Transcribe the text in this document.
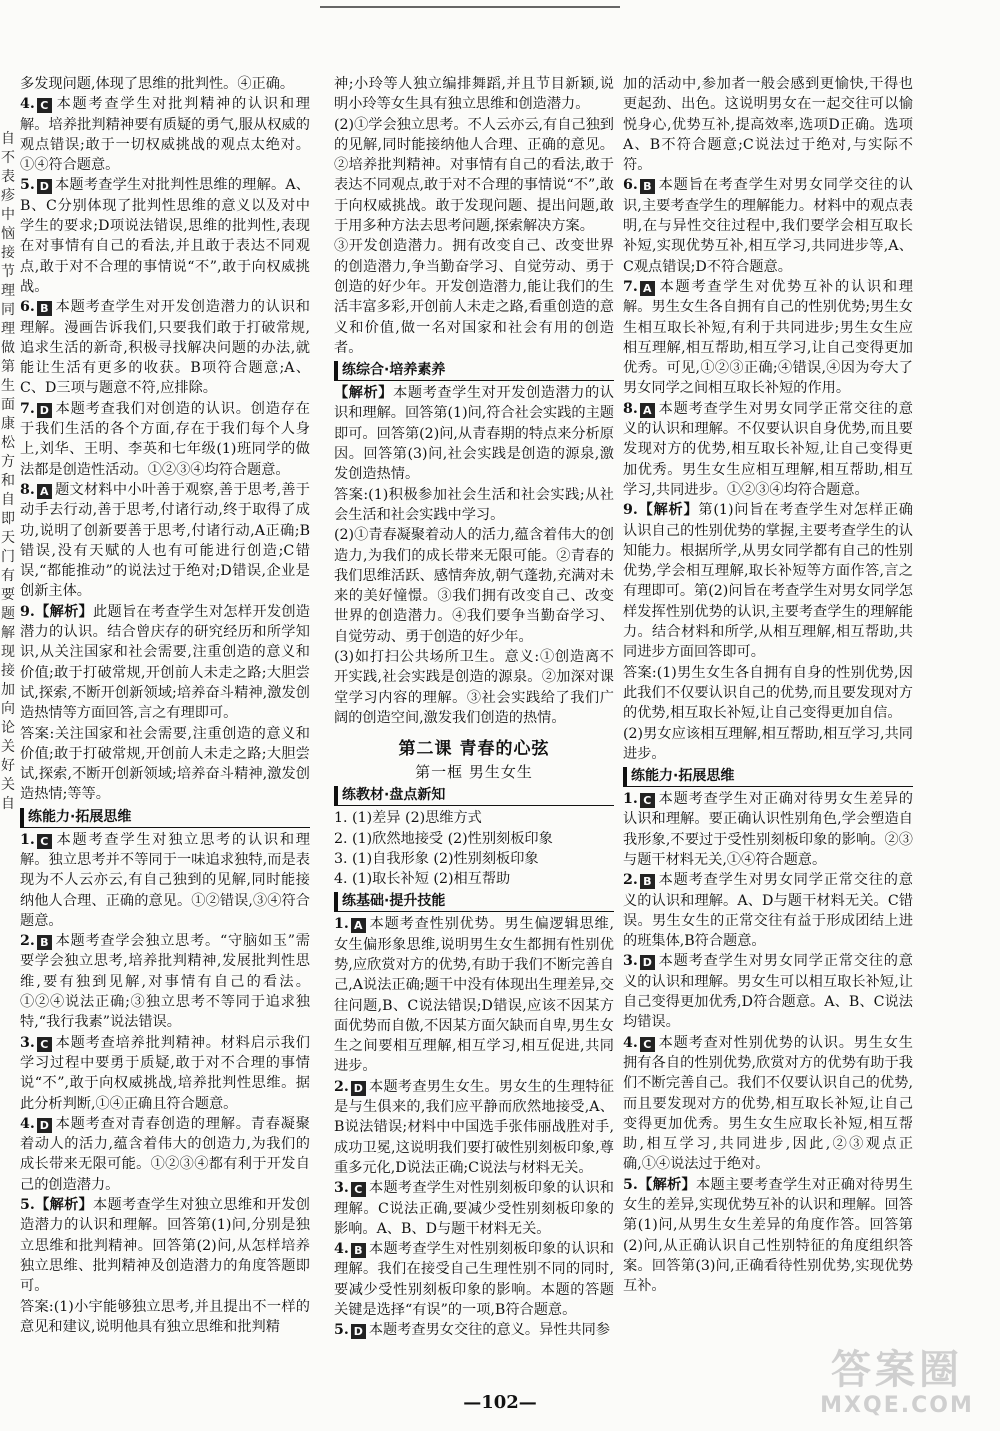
自
不
表
疹
中
恼
接
节
理
同
理
做
第
生
面
康
松
方
和
自
即
天
门
有
要
题
解
现
接
加
向
论
关
好
关
自

多发现问题,体现了思维的批判性。④正确。

4. C 本题考查学生对批判精神的认识和理解。培养批判精神要有质疑的勇气,服从权威的观点错误;敢于一切权威挑战的观点太绝对。①④符合题意。

5. D 本题考查学生对批判性思维的理解。A、B、C分别体现了批判性思维的意义以及对中学生的要求;D项说法错误,思维的批判性,表现在对事情有自己的看法,并且敢于表达不同观点,敢于对不合理的事情说“不”,敢于向权威挑战。

6. B 本题考查学生对开发创造潜力的认识和理解。漫画告诉我们,只要我们敢于打破常规,追求生活的新奇,积极寻找解决问题的办法,就能让生活有更多的收获。B项符合题意;A、C、D三项与题意不符,应排除。

7. D 本题考查我们对创造的认识。创造存在于我们生活的各个方面,存在于我们每个人身上,刘华、王明、李英和七年级(1)班同学的做法都是创造性活动。①②③④均符合题意。

8. A 题文材料中小叶善于观察,善于思考,善于动手去行动,善于思考,付诸行动,终于取得了成功,说明了创新要善于思考,付诸行动,A正确;B错误,没有天赋的人也有可能进行创造;C错误,“都能推动”的说法过于绝对;D错误,企业是创新主体。

9.【解析】此题旨在考查学生对怎样开发创造潜力的认识。结合曾庆存的研究经历和所学知识,从关注国家和社会需要,注重创造的意义和价值;敢于打破常规,开创前人未走之路;大胆尝试,探索,不断开创新领域;培养奋斗精神,激发创造热情等方面回答,言之有理即可。

答案:关注国家和社会需要,注重创造的意义和价值;敢于打破常规,开创前人未走之路;大胆尝试,探索,不断开创新领域;培养奋斗精神,激发创造热情;等等。

练能力·拓展思维

1. C 本题考查学生对独立思考的认识和理解。独立思考并不等同于一味追求独特,而是表现为不人云亦云,有自己独到的见解,同时能接纳他人合理、正确的意见。①②错误,③④符合题意。

2. B 本题考查学会独立思考。“守脑如玉”需要学会独立思考,培养批判精神,发展批判性思维,要有独到见解,对事情有自己的看法。①②④说法正确;③独立思考不等同于追求独特,“我行我素”说法错误。

3. C 本题考查培养批判精神。材料启示我们学习过程中要勇于质疑,敢于对不合理的事情说“不”,敢于向权威挑战,培养批判性思维。据此分析判断,①④正确且符合题意。

4. D 本题考查对青春创造的理解。青春凝聚着动人的活力,蕴含着伟大的创造力,为我们的成长带来无限可能。①②③④都有利于开发自己的创造潜力。

5.【解析】本题考查学生对独立思维和开发创造潜力的认识和理解。回答第(1)问,分别是独立思维和批判精神。回答第(2)问,从怎样培养独立思维、批判精神及创造潜力的角度答题即可。

答案:(1)小宇能够独立思考,并且提出不一样的意见和建议,说明他具有独立思维和批判精

神;小玲等人独立编排舞蹈,并且节目新颖,说明小玲等女生具有独立思维和创造潜力。

(2)①学会独立思考。不人云亦云,有自己独到的见解,同时能接纳他人合理、正确的意见。②培养批判精神。对事情有自己的看法,敢于表达不同观点,敢于对不合理的事情说“不”,敢于向权威挑战。敢于发现问题、提出问题,敢于用多种方法去思考问题,探索解决方案。

③开发创造潜力。拥有改变自己、改变世界的创造潜力,争当勤奋学习、自觉劳动、勇于创造的好少年。开发创造潜力,能让我们的生活丰富多彩,开创前人未走之路,看重创造的意义和价值,做一名对国家和社会有用的创造者。

练综合·培养素养

【解析】本题考查学生对开发创造潜力的认识和理解。回答第(1)问,符合社会实践的主题即可。回答第(2)问,从青春期的特点来分析原因。回答第(3)问,社会实践是创造的源泉,激发创造热情。

答案:(1)积极参加社会生活和社会实践;从社会生活和社会实践中学习。

(2)①青春凝聚着动人的活力,蕴含着伟大的创造力,为我们的成长带来无限可能。②青春的我们思维活跃、感情奔放,朝气蓬勃,充满对未来的美好憧憬。③我们拥有改变自己、改变世界的创造潜力。④我们要争当勤奋学习、自觉劳动、勇于创造的好少年。

(3)如打扫公共场所卫生。意义:①创造离不开实践,社会实践是创造的源泉。②加深对课堂学习内容的理解。③社会实践给了我们广阔的创造空间,激发我们创造的热情。

第二课 青春的心弦
第一框 男生女生
练教材·盘点新知

1. (1)差异 (2)思维方式

2. (1)欣然地接受 (2)性别刻板印象

3. (1)自我形象 (2)性别刻板印象

4. (1)取长补短 (2)相互帮助

练基础·提升技能

1. A 本题考查性别优势。男生偏逻辑思维,女生偏形象思维,说明男生女生都拥有性别优势,应欣赏对方的优势,有助于我们不断完善自己,A说法正确;题干中没有体现出生理差异,交往问题,B、C说法错误;D错误,应该不因某方面优势而自傲,不因某方面欠缺而自卑,男生女生之间要相互理解,相互学习,相互促进,共同进步。

2. D 本题考查男生女生。男女生的生理特征是与生俱来的,我们应平静而欣然地接受,A、B说法错误;材料中中国选手张伟丽战胜对手,成功卫冕,这说明我们要打破性别刻板印象,尊重多元化,D说法正确;C说法与材料无关。

3. C 本题考查学生对性别刻板印象的认识和理解。C说法正确,要减少受性别刻板印象的影响。A、B、D与题干材料无关。

4. B 本题考查学生对性别刻板印象的认识和理解。我们在接受自己生理性别不同的同时,要减少受性别刻板印象的影响。本题的答题关键是选择“有误”的一项,B符合题意。

5. D 本题考查男女交往的意义。异性共同参

加的活动中,参加者一般会感到更愉快,干得也更起劲、出色。这说明男女在一起交往可以愉悦身心,优势互补,提高效率,选项D正确。选项A、B不符合题意;C说法过于绝对,与实际不符。

6. B 本题旨在考查学生对男女同学交往的认识,主要考查学生的理解能力。材料中的观点表明,在与异性交往过程中,我们要学会相互取长补短,实现优势互补,相互学习,共同进步等,A、C观点错误;D不符合题意。

7. A 本题考查学生对优势互补的认识和理解。男生女生各自拥有自己的性别优势;男生女生相互取长补短,有利于共同进步;男生女生应相互理解,相互帮助,相互学习,让自己变得更加优秀。可见,①②③正确;④错误,④因为夸大了男女同学之间相互取长补短的作用。

8. A 本题考查学生对男女同学正常交往的意义的认识和理解。不仅要认识自身优势,而且要发现对方的优势,相互取长补短,让自己变得更加优秀。男生女生应相互理解,相互帮助,相互学习,共同进步。①②③④均符合题意。

9.【解析】第(1)问旨在考查学生对怎样正确认识自己的性别优势的掌握,主要考查学生的认知能力。根据所学,从男女同学都有自己的性别优势,学会相互理解,取长补短等方面作答,言之有理即可。第(2)问旨在考查学生对男女同学怎样发挥性别优势的认识,主要考查学生的理解能力。结合材料和所学,从相互理解,相互帮助,共同进步方面回答即可。

答案:(1)男生女生各自拥有自身的性别优势,因此我们不仅要认识自己的优势,而且要发现对方的优势,相互取长补短,让自己变得更加自信。

(2)男女应该相互理解,相互帮助,相互学习,共同进步。

练能力·拓展思维

1. C 本题考查学生对正确对待男女生差异的认识和理解。要正确认识性别角色,学会塑造自我形象,不要过于受性别刻板印象的影响。②③与题干材料无关,①④符合题意。

2. B 本题考查学生对男女同学正常交往的意义的认识和理解。A、D与题干材料无关。C错误。男生女生的正常交往有益于形成团结上进的班集体,B符合题意。

3. D 本题考查学生对男女同学正常交往的意义的认识和理解。男女生可以相互取长补短,让自己变得更加优秀,D符合题意。A、B、C说法均错误。

4. C 本题考查对性别优势的认识。男生女生拥有各自的性别优势,欣赏对方的优势有助于我们不断完善自己。我们不仅要认识自己的优势,而且要发现对方的优势,相互取长补短,让自己变得更加优秀。男生女生应取长补短,相互帮助,相互学习,共同进步,因此,②③观点正确,①④说法过于绝对。

5.【解析】本题主要考查学生对正确对待男生女生的差异,实现优势互补的认识和理解。回答第(1)问,从男生女生差异的角度作答。回答第(2)问,从正确认识自己性别特征的角度组织答案。回答第(3)问,正确看待性别优势,实现优势互补。

—102—
答案圈
MXQE.COM
